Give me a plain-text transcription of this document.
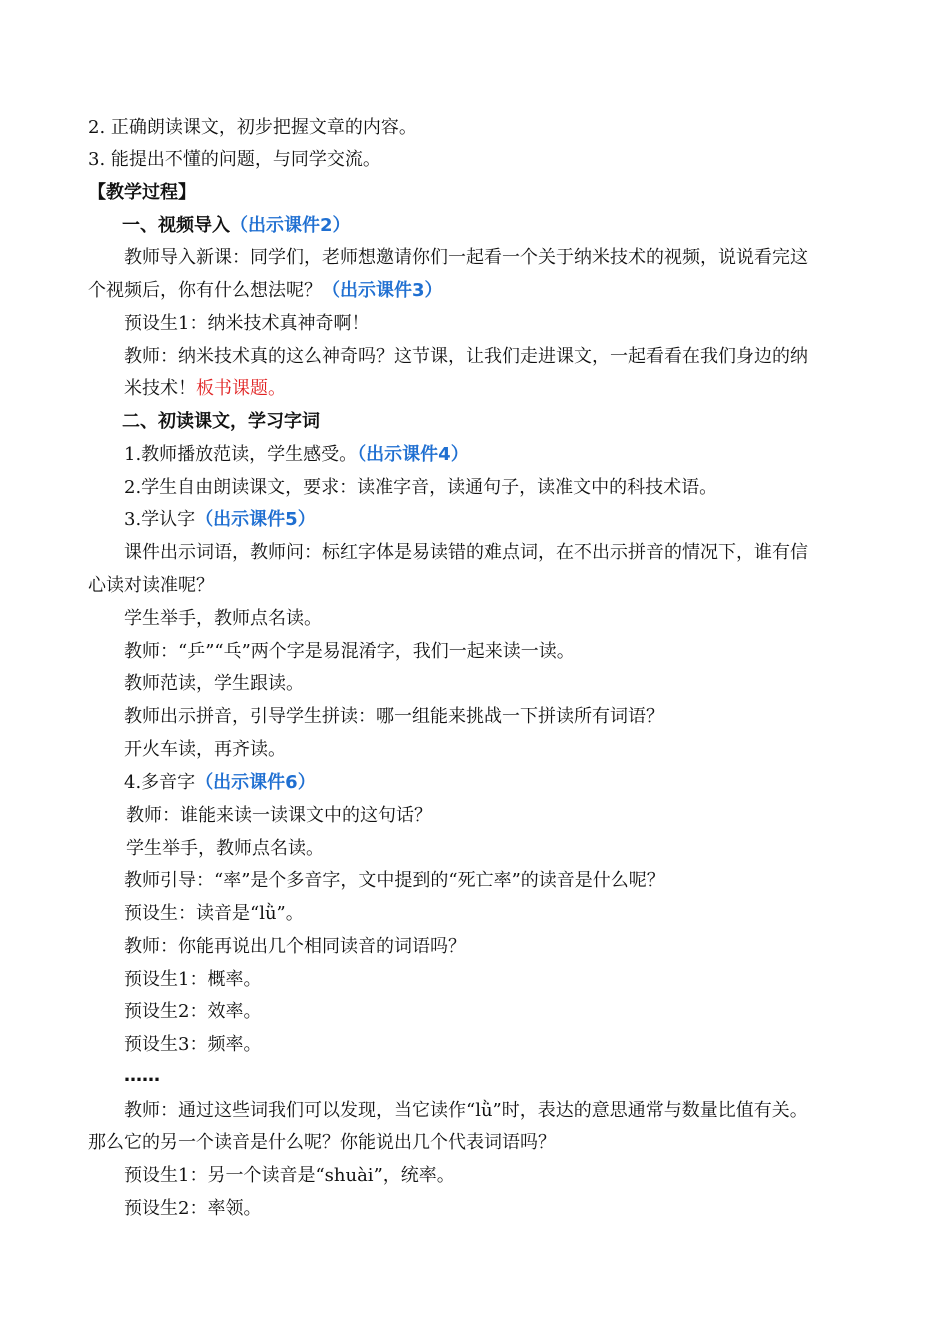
2. 正确朗读课文，初步把握文章的内容。
3. 能提出不懂的问题，与同学交流。
【教学过程】
一、视频导入（出示课件2）
教师导入新课：同学们，老师想邀请你们一起看一个关于纳米技术的视频，说说看完这
个视频后，你有什么想法呢？（出示课件3）
预设生1：纳米技术真神奇啊！
教师：纳米技术真的这么神奇吗？这节课，让我们走进课文，一起看看在我们身边的纳
米技术！板书课题。
二、初读课文，学习字词
1.教师播放范读，学生感受。（出示课件4）
2.学生自由朗读课文，要求：读准字音，读通句子，读准文中的科技术语。
3.学认字（出示课件5）
课件出示词语，教师问：标红字体是易读错的难点词，在不出示拼音的情况下，谁有信
心读对读准呢？
学生举手，教师点名读。
教师：“乒”“乓”两个字是易混淆字，我们一起来读一读。
教师范读，学生跟读。
教师出示拼音，引导学生拼读：哪一组能来挑战一下拼读所有词语？
开火车读，再齐读。
4.多音字（出示课件6）
教师：谁能来读一读课文中的这句话？
学生举手，教师点名读。
教师引导：“率”是个多音字，文中提到的“死亡率”的读音是什么呢？
预设生：读音是“lǜ”。
教师：你能再说出几个相同读音的词语吗？
预设生1：概率。
预设生2：效率。
预设生3：频率。
……
教师：通过这些词我们可以发现，当它读作“lǜ”时，表达的意思通常与数量比值有关。
那么它的另一个读音是什么呢？你能说出几个代表词语吗？
预设生1：另一个读音是“shuài”，统率。
预设生2：率领。
